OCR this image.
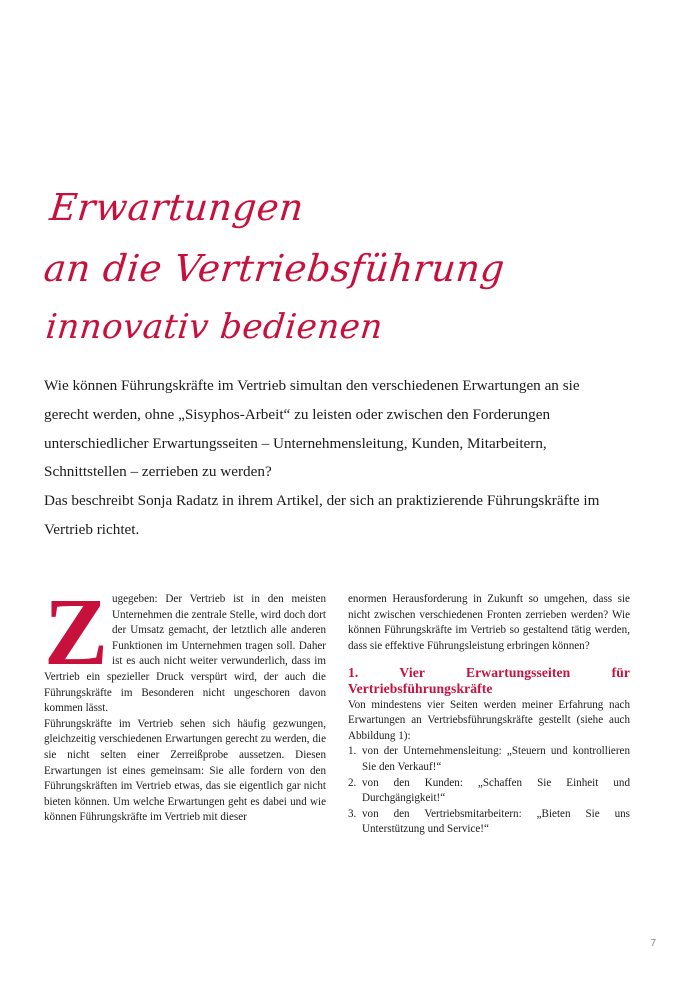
Erwartungen
an die Vertriebsführung
innovativ bedienen

Wie können Führungskräfte im Vertrieb simultan den verschiedenen Erwartungen an sie gerecht werden, ohne „Sisyphos-Arbeit“ zu leisten oder zwischen den Forderungen unterschiedlicher Erwartungsseiten – Unternehmensleitung, Kunden, Mitarbeitern, Schnittstellen – zerrieben zu werden?

Das beschreibt Sonja Radatz in ihrem Artikel, der sich an praktizierende Führungskräfte im Vertrieb richtet.

Zugegeben: Der Vertrieb ist in den meisten Unternehmen die zentrale Stelle, wird doch dort der Umsatz gemacht, der letztlich alle anderen Funktionen im Unternehmen tragen soll. Daher ist es auch nicht weiter verwunderlich, dass im Vertrieb ein spezieller Druck verspürt wird, der auch die Führungskräfte im Besonderen nicht ungeschoren davon kommen lässt.

Führungskräfte im Vertrieb sehen sich häufig gezwungen, gleichzeitig verschiedenen Erwartungen gerecht zu werden, die sie nicht selten einer Zerreißprobe aussetzen. Diesen Erwartungen ist eines gemeinsam: Sie alle fordern von den Führungskräften im Vertrieb etwas, das sie eigentlich gar nicht bieten können. Um welche Erwartungen geht es dabei und wie können Führungskräfte im Vertrieb mit dieser

enormen Herausforderung in Zukunft so umgehen, dass sie nicht zwischen verschiedenen Fronten zerrieben werden? Wie können Führungskräfte im Vertrieb so gestaltend tätig werden, dass sie effektive Führungsleistung erbringen können?

1. Vier Erwartungsseiten für Vertriebsführungskräfte

Von mindestens vier Seiten werden meiner Erfahrung nach Erwartungen an Vertriebsführungskräfte gestellt (siehe auch Abbildung 1):

1. von der Unternehmensleitung: „Steuern und kontrollieren Sie den Verkauf!“
2. von den Kunden: „Schaffen Sie Einheit und Durchgängigkeit!“
3. von den Vertriebsmitarbeitern: „Bieten Sie uns Unterstützung und Service!“
7
